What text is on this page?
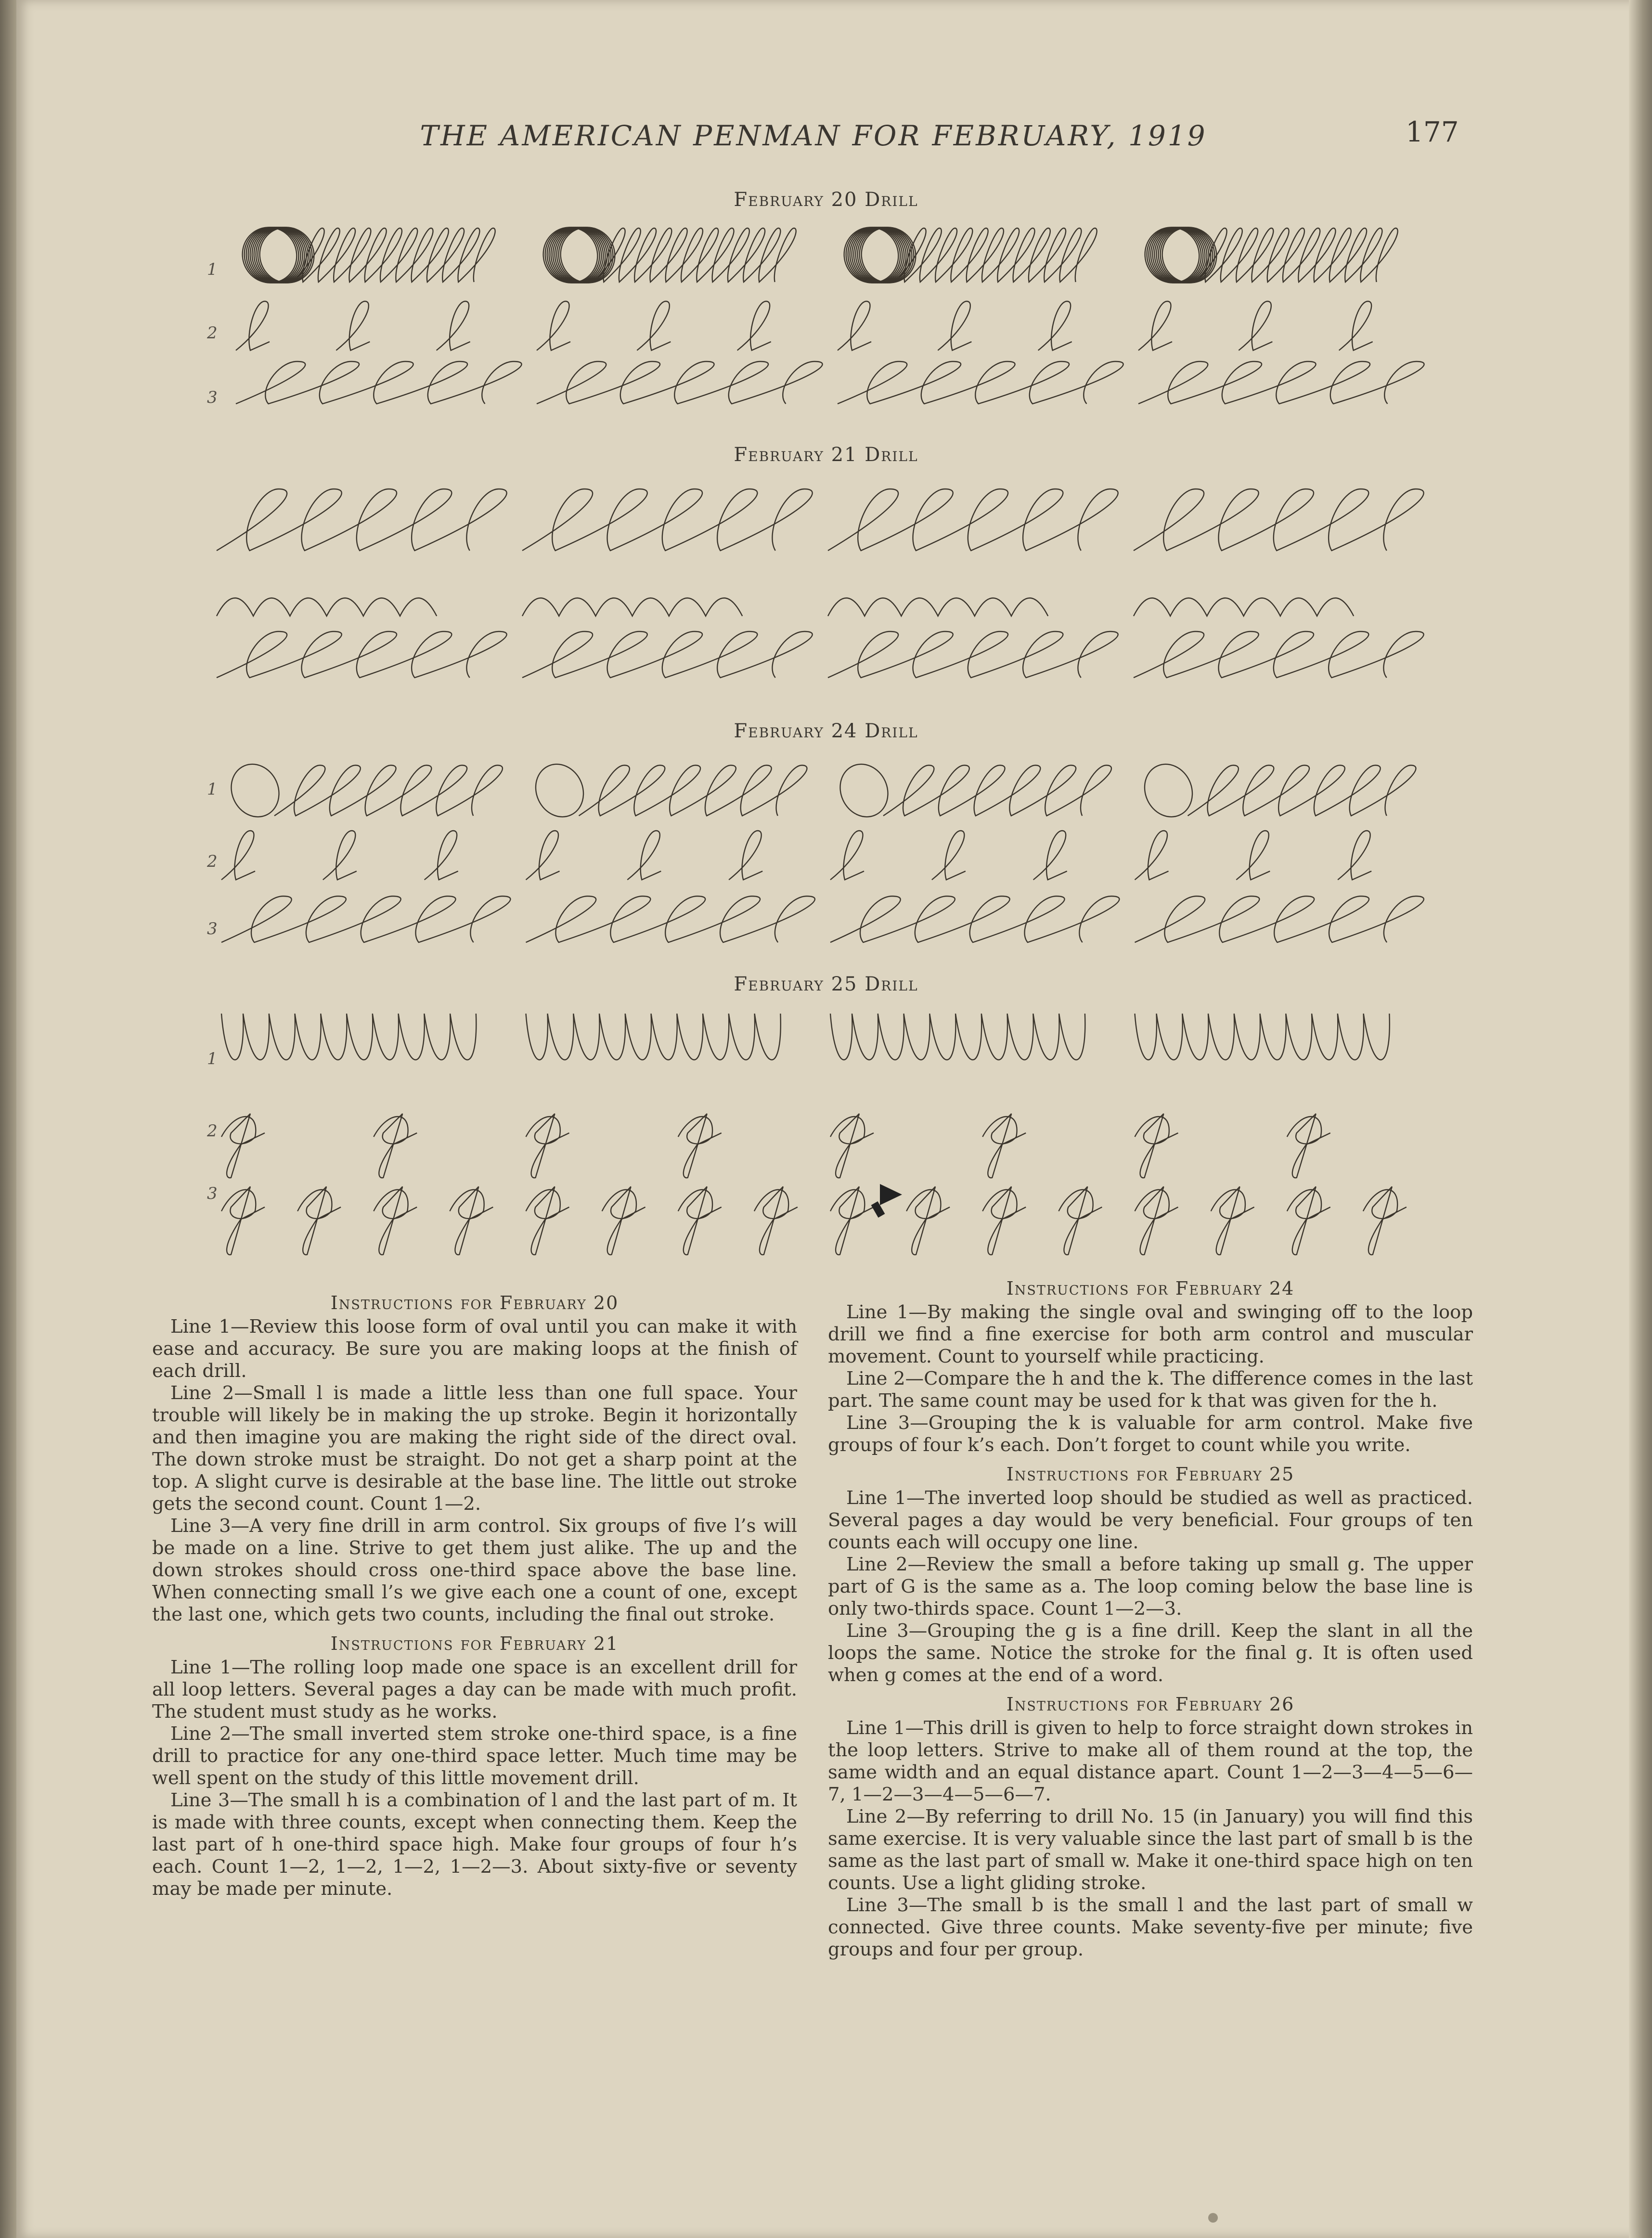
THE AMERICAN PENMAN FOR FEBRUARY, 1919	177
February 20 Drill
1
2
3
February 21 Drill
February 24 Drill
1
2
3
February 25 Drill
1
2
3
Instructions for February 20

Line 1—Review this loose form of oval until you can make it with ease and accuracy. Be sure you are making loops at the finish of each drill.

Line 2—Small l is made a little less than one full space. Your trouble will likely be in making the up stroke. Begin it horizontally and then imagine you are making the right side of the direct oval. The down stroke must be straight. Do not get a sharp point at the top. A slight curve is desirable at the base line. The little out stroke gets the second count. Count 1—2.

Line 3—A very fine drill in arm control. Six groups of five l’s will be made on a line. Strive to get them just alike. The up and the down strokes should cross one-third space above the base line. When connecting small l’s we give each one a count of one, except the last one, which gets two counts, including the final out stroke.

Instructions for February 21

Line 1—The rolling loop made one space is an excellent drill for all loop letters. Several pages a day can be made with much profit. The student must study as he works.

Line 2—The small inverted stem stroke one-third space, is a fine drill to practice for any one-third space letter. Much time may be well spent on the study of this little movement drill.

Line 3—The small h is a combination of l and the last part of m. It is made with three counts, except when connecting them. Keep the last part of h one-third space high. Make four groups of four h’s each. Count 1—2, 1—2, 1—2, 1—2—3. About sixty-five or seventy may be made per minute.

Instructions for February 24

Line 1—By making the single oval and swinging off to the loop drill we find a fine exercise for both arm control and muscular movement. Count to yourself while practicing.

Line 2—Compare the h and the k. The difference comes in the last part. The same count may be used for k that was given for the h.

Line 3—Grouping the k is valuable for arm control. Make five groups of four k’s each. Don’t forget to count while you write.

Instructions for February 25

Line 1—The inverted loop should be studied as well as practiced. Several pages a day would be very beneficial. Four groups of ten counts each will occupy one line.

Line 2—Review the small a before taking up small g. The upper part of G is the same as a. The loop coming below the base line is only two-thirds space. Count 1—2—3.

Line 3—Grouping the g is a fine drill. Keep the slant in all the loops the same. Notice the stroke for the final g. It is often used when g comes at the end of a word.

Instructions for February 26

Line 1—This drill is given to help to force straight down strokes in the loop letters. Strive to make all of them round at the top, the same width and an equal distance apart. Count 1—2—3—4—5—6—7, 1—2—3—4—5—6—7.

Line 2—By referring to drill No. 15 (in January) you will find this same exercise. It is very valuable since the last part of small b is the same as the last part of small w. Make it one-third space high on ten counts. Use a light gliding stroke.

Line 3—The small b is the small l and the last part of small w connected. Give three counts. Make seventy-five per minute; five groups and four per group.
